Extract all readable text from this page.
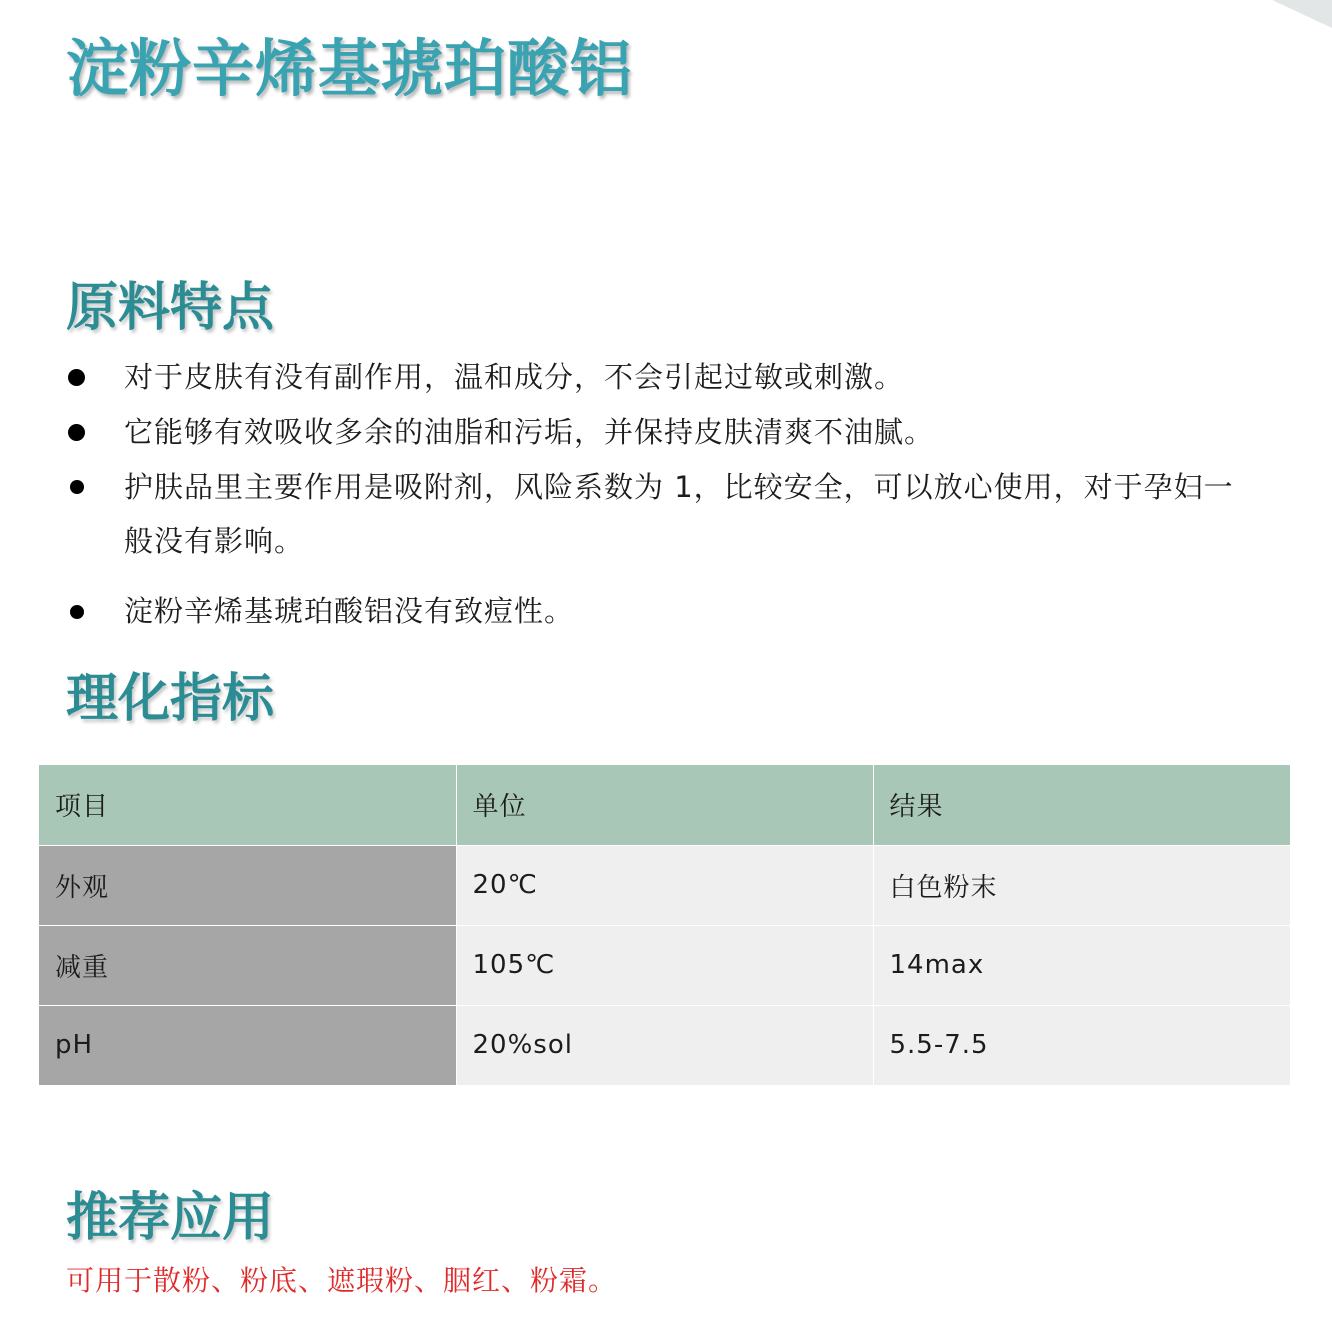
淀粉辛烯基琥珀酸铝
原料特点

对于皮肤有没有副作用，温和成分，不会引起过敏或刺激。

它能够有效吸收多余的油脂和污垢，并保持皮肤清爽不油腻。

护肤品里主要作用是吸附剂，风险系数为 1，比较安全，可以放心使用，对于孕妇一般没有影响。

淀粉辛烯基琥珀酸铝没有致痘性。

理化指标
项目	单位	结果
外观	20℃	白色粉末
减重	105℃	14max
pH	20%sol	5.5-7.5
推荐应用

可用于散粉、粉底、遮瑕粉、胭红、粉霜。
